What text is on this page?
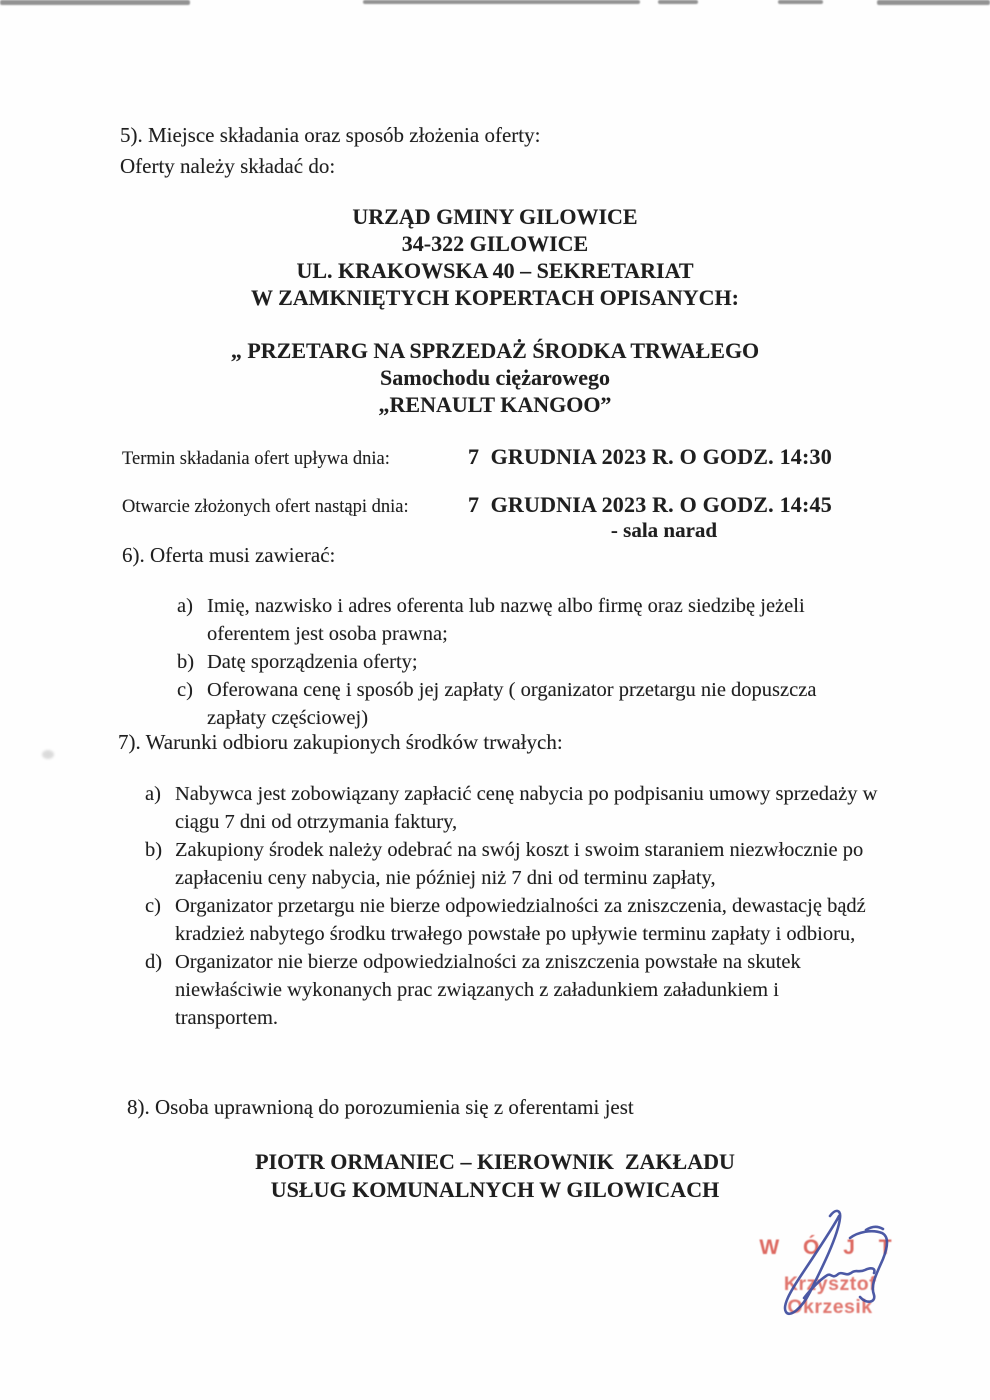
5). Miejsce składania oraz sposób złożenia oferty:
Oferty należy składać do:
URZĄD GMINY GILOWICE
34-322 GILOWICE
UL. KRAKOWSKA 40 – SEKRETARIAT
W ZAMKNIĘTYCH KOPERTACH OPISANYCH:
„ PRZETARG NA SPRZEDAŻ ŚRODKA TRWAŁEGO
Samochodu ciężarowego
„RENAULT KANGOO”
Termin składania ofert upływa dnia:	7  GRUDNIA 2023 R. O GODZ. 14:30
Otwarcie złożonych ofert nastąpi dnia:	7  GRUDNIA 2023 R. O GODZ. 14:45
- sala narad
6). Oferta musi zawierać:
a) Imię, nazwisko i adres oferenta lub nazwę albo firmę oraz siedzibę jeżeli oferentem jest osoba prawna;
b) Datę sporządzenia oferty;
c) Oferowana cenę i sposób jej zapłaty ( organizator przetargu nie dopuszcza zapłaty częściowej)
7). Warunki odbioru zakupionych środków trwałych:
a) Nabywca jest zobowiązany zapłacić cenę nabycia po podpisaniu umowy sprzedaży w ciągu 7 dni od otrzymania faktury,
b) Zakupiony środek należy odebrać na swój koszt i swoim staraniem niezwłocznie po zapłaceniu ceny nabycia, nie później niż 7 dni od terminu zapłaty,
c) Organizator przetargu nie bierze odpowiedzialności za zniszczenia, dewastację bądź kradzież nabytego środku trwałego powstałe po upływie terminu zapłaty i odbioru,
d) Organizator nie bierze odpowiedzialności za zniszczenia powstałe na skutek niewłaściwie wykonanych prac związanych z załadunkiem załadunkiem i transportem.
8). Osoba uprawnioną do porozumienia się z oferentami jest
PIOTR ORMANIEC – KIEROWNIK  ZAKŁADU
USŁUG KOMUNALNYCH W GILOWICACH
W Ó J T
Krzysztof Okrzesik
